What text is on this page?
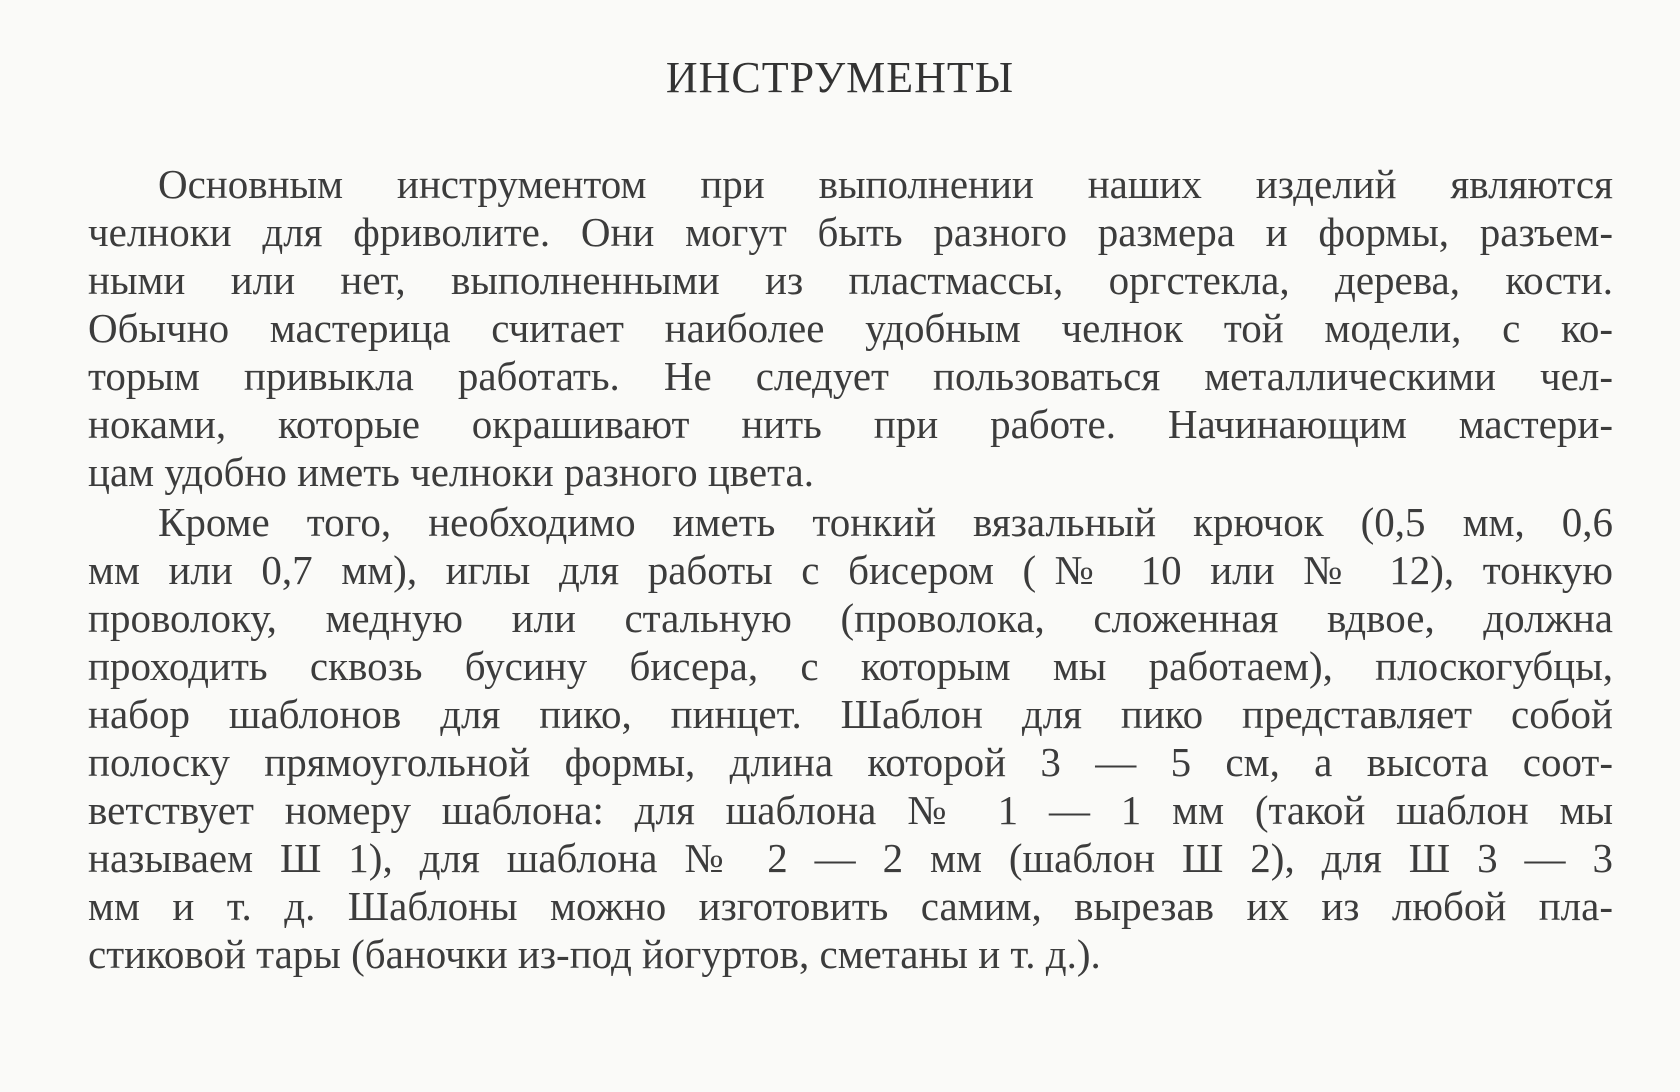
ИНСТРУМЕНТЫ
Основным инструментом при выполнении наших изделий являются
челноки для фриволите. Они могут быть разного размера и формы, разъем-
ными или нет, выполненными из пластмассы, оргстекла, дерева, кости.
Обычно мастерица считает наиболее удобным челнок той модели, с ко-
торым привыкла работать. Не следует пользоваться металлическими чел-
ноками, которые окрашивают нить при работе. Начинающим мастери-
цам удобно иметь челноки разного цвета.
Кроме того, необходимо иметь тонкий вязальный крючок (0,5 мм, 0,6
мм или 0,7 мм), иглы для работы с бисером (№ 10 или № 12), тонкую
проволоку, медную или стальную (проволока, сложенная вдвое, должна
проходить сквозь бусину бисера, с которым мы работаем), плоскогубцы,
набор шаблонов для пико, пинцет. Шаблон для пико представляет собой
полоску прямоугольной формы, длина которой 3 — 5 см, а высота соот-
ветствует номеру шаблона: для шаблона № 1 — 1 мм (такой шаблон мы
называем Ш 1), для шаблона № 2 — 2 мм (шаблон Ш 2), для Ш 3 — 3
мм и т. д. Шаблоны можно изготовить самим, вырезав их из любой пла-
стиковой тары (баночки из-под йогуртов, сметаны и т. д.).
